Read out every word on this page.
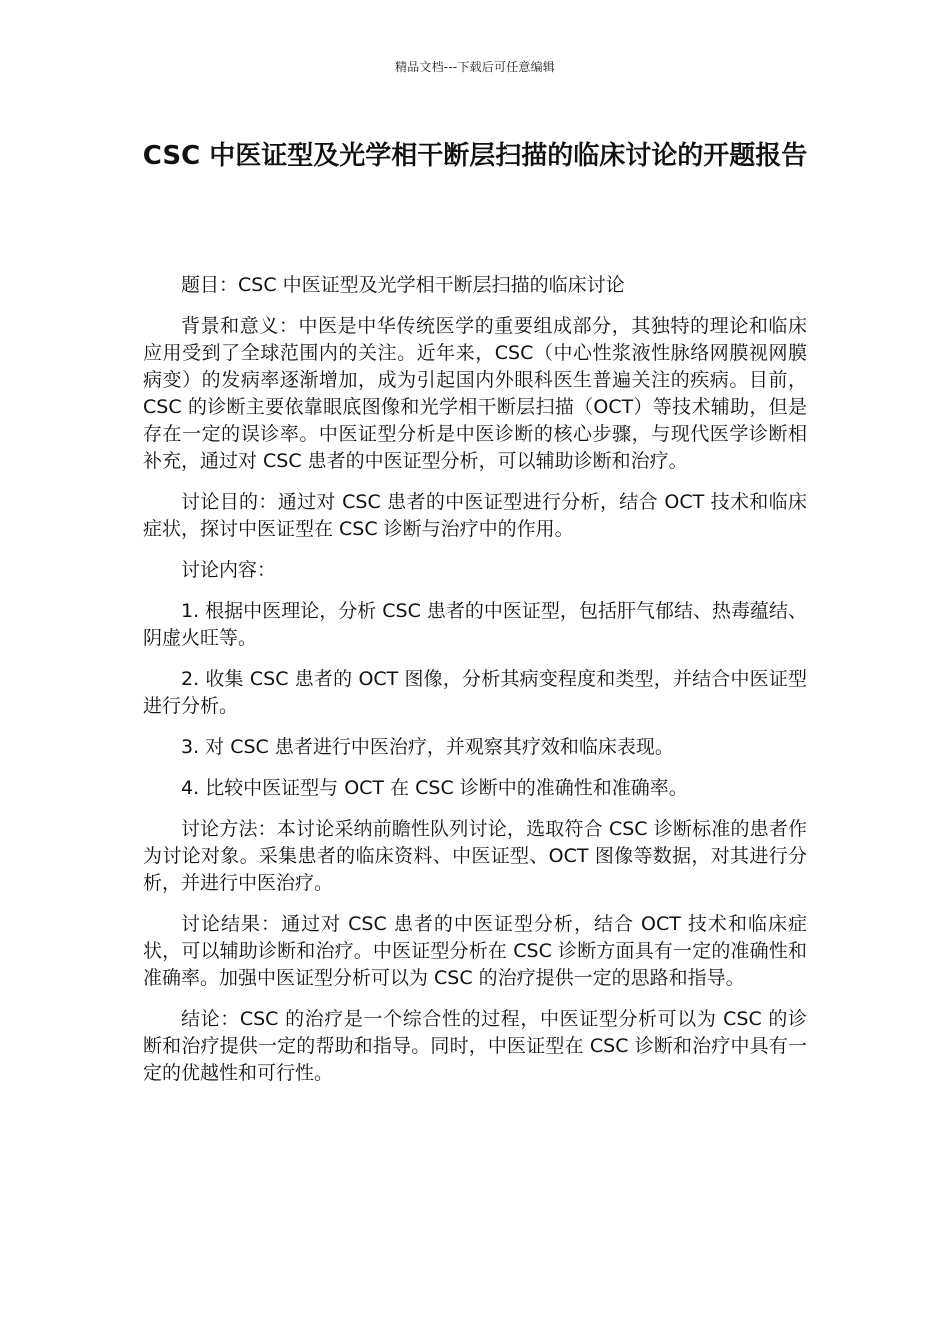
精品文档---下载后可任意编辑
CSC 中医证型及光学相干断层扫描的临床讨论的开题报告

题目：CSC 中医证型及光学相干断层扫描的临床讨论

背景和意义：中医是中华传统医学的重要组成部分，其独特的理论和临床应用受到了全球范围内的关注。近年来，CSC（中心性浆液性脉络网膜视网膜病变）的发病率逐渐增加，成为引起国内外眼科医生普遍关注的疾病。目前，CSC 的诊断主要依靠眼底图像和光学相干断层扫描（OCT）等技术辅助，但是存在一定的误诊率。中医证型分析是中医诊断的核心步骤，与现代医学诊断相补充，通过对 CSC 患者的中医证型分析，可以辅助诊断和治疗。

讨论目的：通过对 CSC 患者的中医证型进行分析，结合 OCT 技术和临床症状，探讨中医证型在 CSC 诊断与治疗中的作用。

讨论内容：

1. 根据中医理论，分析 CSC 患者的中医证型，包括肝气郁结、热毒蕴结、阴虚火旺等。

2. 收集 CSC 患者的 OCT 图像，分析其病变程度和类型，并结合中医证型进行分析。

3. 对 CSC 患者进行中医治疗，并观察其疗效和临床表现。

4. 比较中医证型与 OCT 在 CSC 诊断中的准确性和准确率。

讨论方法：本讨论采纳前瞻性队列讨论，选取符合 CSC 诊断标准的患者作为讨论对象。采集患者的临床资料、中医证型、OCT 图像等数据，对其进行分析，并进行中医治疗。

讨论结果：通过对 CSC 患者的中医证型分析，结合 OCT 技术和临床症状，可以辅助诊断和治疗。中医证型分析在 CSC 诊断方面具有一定的准确性和准确率。加强中医证型分析可以为 CSC 的治疗提供一定的思路和指导。

结论：CSC 的治疗是一个综合性的过程，中医证型分析可以为 CSC 的诊断和治疗提供一定的帮助和指导。同时，中医证型在 CSC 诊断和治疗中具有一定的优越性和可行性。
